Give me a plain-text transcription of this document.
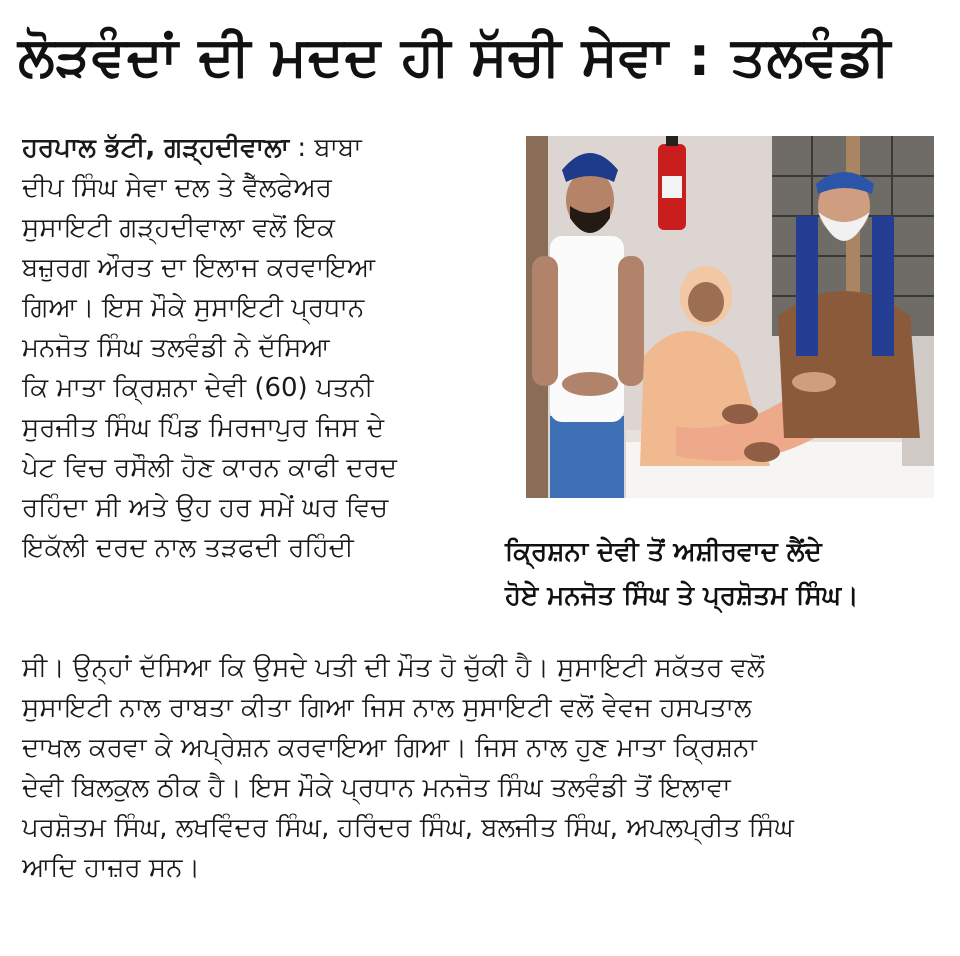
ਲੋੜਵੰਦਾਂ ਦੀ ਮਦਦ ਹੀ ਸੱਚੀ ਸੇਵਾ : ਤਲਵੰਡੀ
ਹਰਪਾਲ ਭੱਟੀ, ਗੜ੍ਹਦੀਵਾਲਾ : ਬਾਬਾ
ਦੀਪ ਸਿੰਘ ਸੇਵਾ ਦਲ ਤੇ ਵੈੱਲਫੇਅਰ
ਸੁਸਾਇਟੀ ਗੜ੍ਹਦੀਵਾਲਾ ਵਲੋਂ ਇਕ
ਬਜ਼ੁਰਗ ਔਰਤ ਦਾ ਇਲਾਜ ਕਰਵਾਇਆ
ਗਿਆ। ਇਸ ਮੌਕੇ ਸੁਸਾਇਟੀ ਪ੍ਰਧਾਨ
ਮਨਜੋਤ ਸਿੰਘ ਤਲਵੰਡੀ ਨੇ ਦੱਸਿਆ
ਕਿ ਮਾਤਾ ਕ੍ਰਿਸ਼ਨਾ ਦੇਵੀ (60) ਪਤਨੀ
ਸੁਰਜੀਤ ਸਿੰਘ ਪਿੰਡ ਮਿਰਜਾਪੁਰ ਜਿਸ ਦੇ
ਪੇਟ ਵਿਚ ਰਸੌਲੀ ਹੋਣ ਕਾਰਨ ਕਾਫੀ ਦਰਦ
ਰਹਿੰਦਾ ਸੀ ਅਤੇ ਉਹ ਹਰ ਸਮੇਂ ਘਰ ਵਿਚ
ਇਕੱਲੀ ਦਰਦ ਨਾਲ ਤੜਫਦੀ ਰਹਿੰਦੀ	ਕ੍ਰਿਸ਼ਨਾ ਦੇਵੀ ਤੋਂ ਅਸ਼ੀਰਵਾਦ ਲੈਂਦੇ
ਹੋਏ ਮਨਜੋਤ ਸਿੰਘ ਤੇ ਪ੍ਰਸ਼ੋਤਮ ਸਿੰਘ।
ਸੀ। ਉਨ੍ਹਾਂ ਦੱਸਿਆ ਕਿ ਉਸਦੇ ਪਤੀ ਦੀ ਮੌਤ ਹੋ ਚੁੱਕੀ ਹੈ। ਸੁਸਾਇਟੀ ਸਕੱਤਰ ਵਲੋਂ
ਸੁਸਾਇਟੀ ਨਾਲ ਰਾਬਤਾ ਕੀਤਾ ਗਿਆ ਜਿਸ ਨਾਲ ਸੁਸਾਇਟੀ ਵਲੋਂ ਵੇਵਜ ਹਸਪਤਾਲ
ਦਾਖਲ ਕਰਵਾ ਕੇ ਅਪ੍ਰੇਸ਼ਨ ਕਰਵਾਇਆ ਗਿਆ। ਜਿਸ ਨਾਲ ਹੁਣ ਮਾਤਾ ਕ੍ਰਿਸ਼ਨਾ
ਦੇਵੀ ਬਿਲਕੁਲ ਠੀਕ ਹੈ। ਇਸ ਮੌਕੇ ਪ੍ਰਧਾਨ ਮਨਜੋਤ ਸਿੰਘ ਤਲਵੰਡੀ ਤੋਂ ਇਲਾਵਾ
ਪਰਸ਼ੋਤਮ ਸਿੰਘ, ਲਖਵਿੰਦਰ ਸਿੰਘ, ਹਰਿੰਦਰ ਸਿੰਘ, ਬਲਜੀਤ ਸਿੰਘ, ਅਪਲਪ੍ਰੀਤ ਸਿੰਘ
ਆਦਿ ਹਾਜ਼ਰ ਸਨ।
